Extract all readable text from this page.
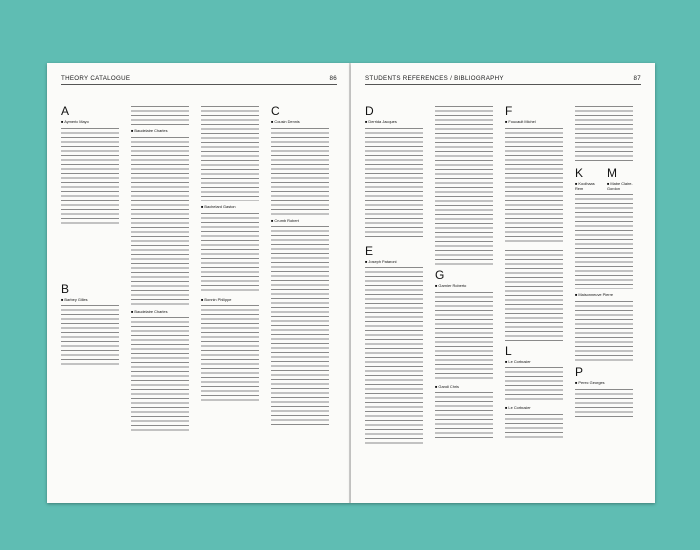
THEORY CATALOGUE	86
A
■ Aymeric Mayo

B
■ Barbey Gilles

■ Baudelaire Charles

■ Baudelaire Charles

■ Bachelard Gaston

■ Bonnin Philippe

C
■ Cousin Dennis

■ Crumb Robert

STUDENTS REFERENCES / BIBLIOGRAPHY	87
D
■ Derrida Jacques

E
■ Joseph Pataroni

G
■ Garnier Roberto

■ Gandi Chris

F
■ Foucault Michel

L
■ Le Corbusier

■ Le Corbusier

K
■ Koolhaas Rem
M
■ Mabe Claire-Gordon

■ Maisonneuve Pierre

P
■ Perec Georges
